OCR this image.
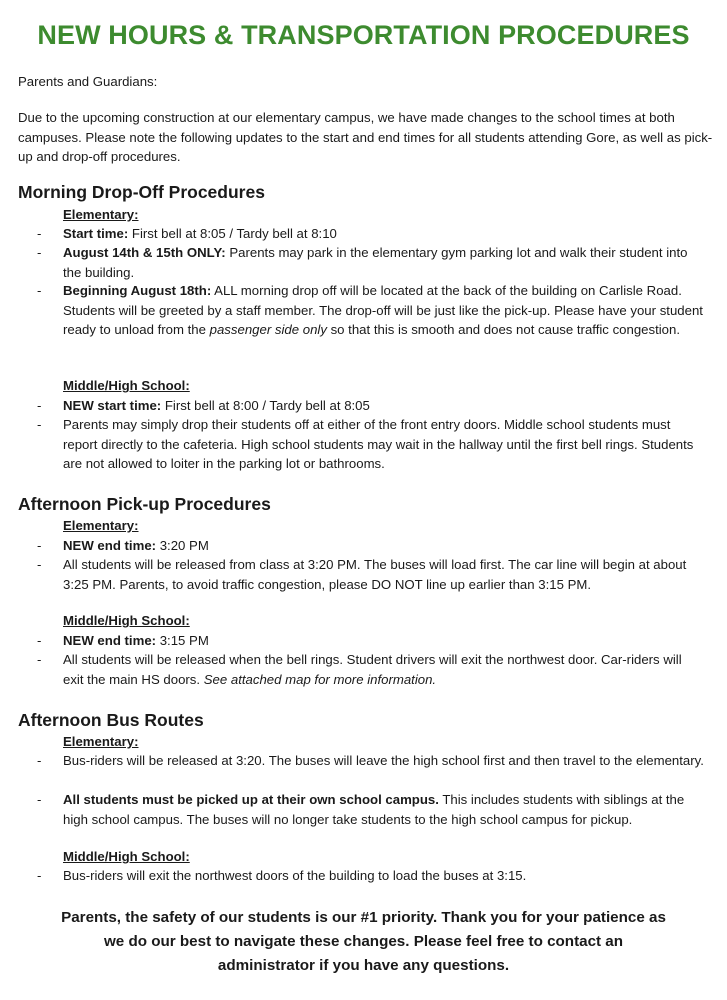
NEW HOURS & TRANSPORTATION PROCEDURES
Parents and Guardians:
Due to the upcoming construction at our elementary campus, we have made changes to the school times at both campuses. Please note the following updates to the start and end times for all students attending Gore, as well as pick-up and drop-off procedures.
Morning Drop-Off Procedures
Elementary:
- Start time: First bell at 8:05 / Tardy bell at 8:10
- August 14th & 15th ONLY: Parents may park in the elementary gym parking lot and walk their student into the building.
- Beginning August 18th: ALL morning drop off will be located at the back of the building on Carlisle Road. Students will be greeted by a staff member. The drop-off will be just like the pick-up. Please have your student ready to unload from the passenger side only so that this is smooth and does not cause traffic congestion.
Middle/High School:
- NEW start time: First bell at 8:00 / Tardy bell at 8:05
- Parents may simply drop their students off at either of the front entry doors. Middle school students must report directly to the cafeteria. High school students may wait in the hallway until the first bell rings. Students are not allowed to loiter in the parking lot or bathrooms.
Afternoon Pick-up Procedures
Elementary:
- NEW end time: 3:20 PM
- All students will be released from class at 3:20 PM. The buses will load first. The car line will begin at about 3:25 PM. Parents, to avoid traffic congestion, please DO NOT line up earlier than 3:15 PM.
Middle/High School:
- NEW end time: 3:15 PM
- All students will be released when the bell rings. Student drivers will exit the northwest door. Car-riders will exit the main HS doors. See attached map for more information.
Afternoon Bus Routes
Elementary:
- Bus-riders will be released at 3:20. The buses will leave the high school first and then travel to the elementary.
- All students must be picked up at their own school campus. This includes students with siblings at the high school campus. The buses will no longer take students to the high school campus for pickup.
Middle/High School:
- Bus-riders will exit the northwest doors of the building to load the buses at 3:15.
Parents, the safety of our students is our #1 priority. Thank you for your patience as we do our best to navigate these changes. Please feel free to contact an administrator if you have any questions.
